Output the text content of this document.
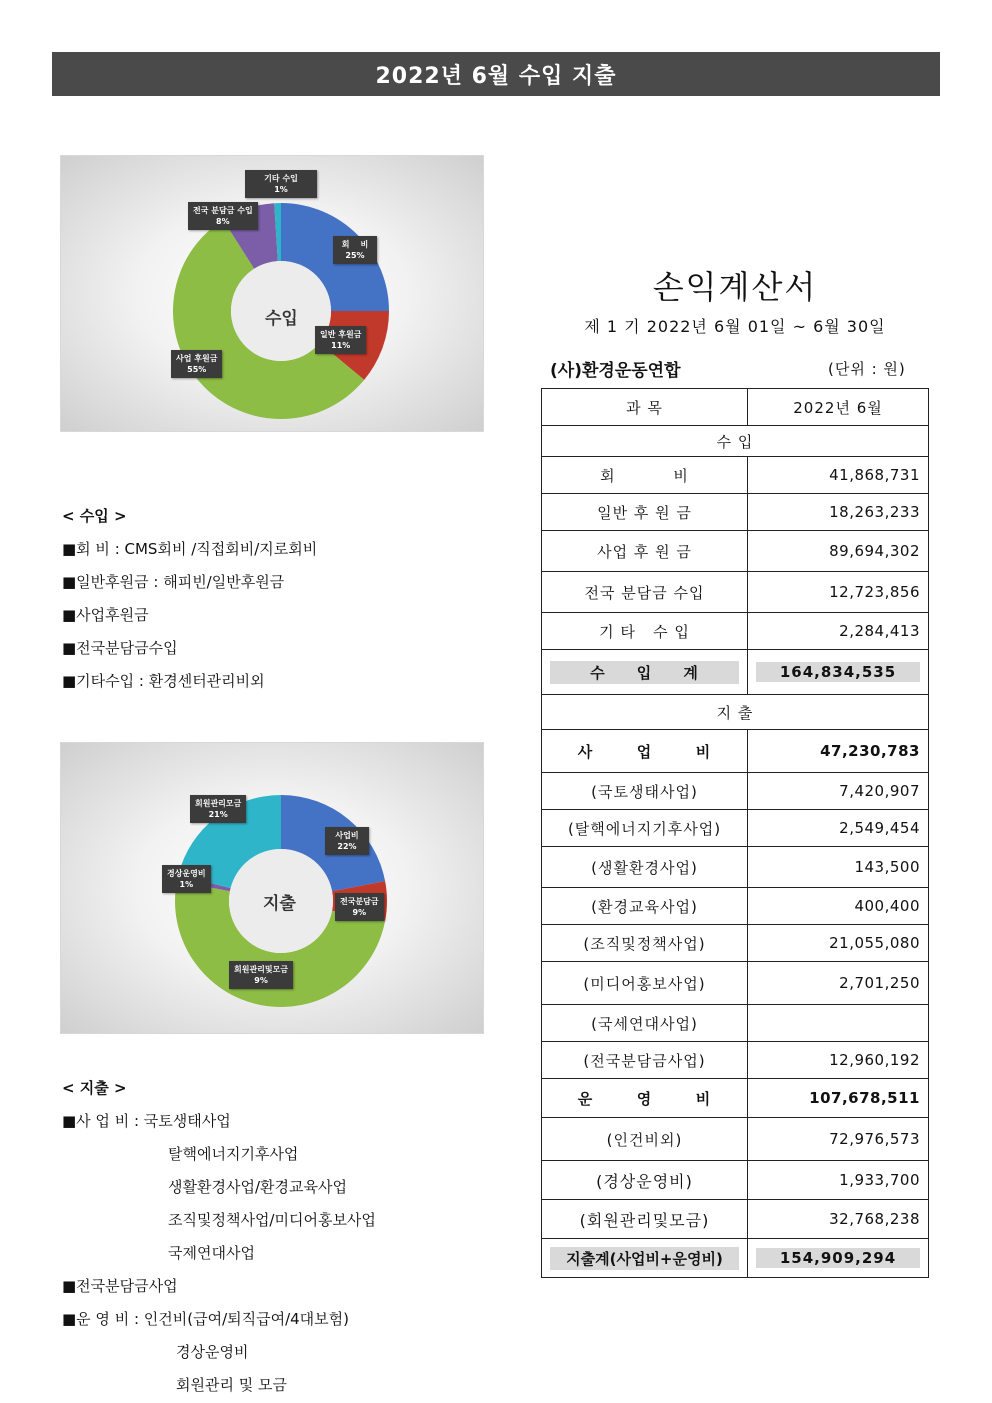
2022년 6월 수입 지출
수입
기타 수입
1%
전국 분담금 수입
8%
회    비
25%
일반 후원금
11%
사업 후원금
55%
지출
회원관리모금
21%
사업비
22%
경상운영비
1%
전국분담금
9%
회원관리및모금
9%
< 수입 >
■회 비 : CMS회비 /직접회비/지로회비
■일반후원금 : 해피빈/일반후원금
■사업후원금
■전국분담금수입
■기타수입 : 환경센터관리비외
< 지출 >
■사 업 비 : 국토생태사업
탈핵에너지기후사업
생활환경사업/환경교육사업
조직및정책사업/미디어홍보사업
국제연대사업
■전국분담금사업
■운 영 비 : 인건비(급여/퇴직급여/4대보험)
경상운영비
회원관리 및 모금
손익계산서
제 1 기 2022년 6월 01일 ~ 6월 30일
(사)환경운동연합	(단위 : 원)
과 목	2022년 6월
수 입	
회          비	41,868,731
일반 후 원 금	18,263,233
사업 후 원 금	89,694,302
전국 분담금 수입	12,723,856
기 타   수 입	2,284,413

수     입     계	164,834,535

지 출	
사       업       비	47,230,783
(국토생태사업)	7,420,907
(탈핵에너지기후사업)	2,549,454
(생활환경사업)	143,500
(환경교육사업)	400,400
(조직및정책사업)	21,055,080
(미디어홍보사업)	2,701,250
(국세연대사업)	
(전국분담금사업)	12,960,192
운       영       비	107,678,511
(인건비외)	72,976,573
(경상운영비)	1,933,700
(회원관리및모금)	32,768,238

지출계(사업비+운영비)	154,909,294
